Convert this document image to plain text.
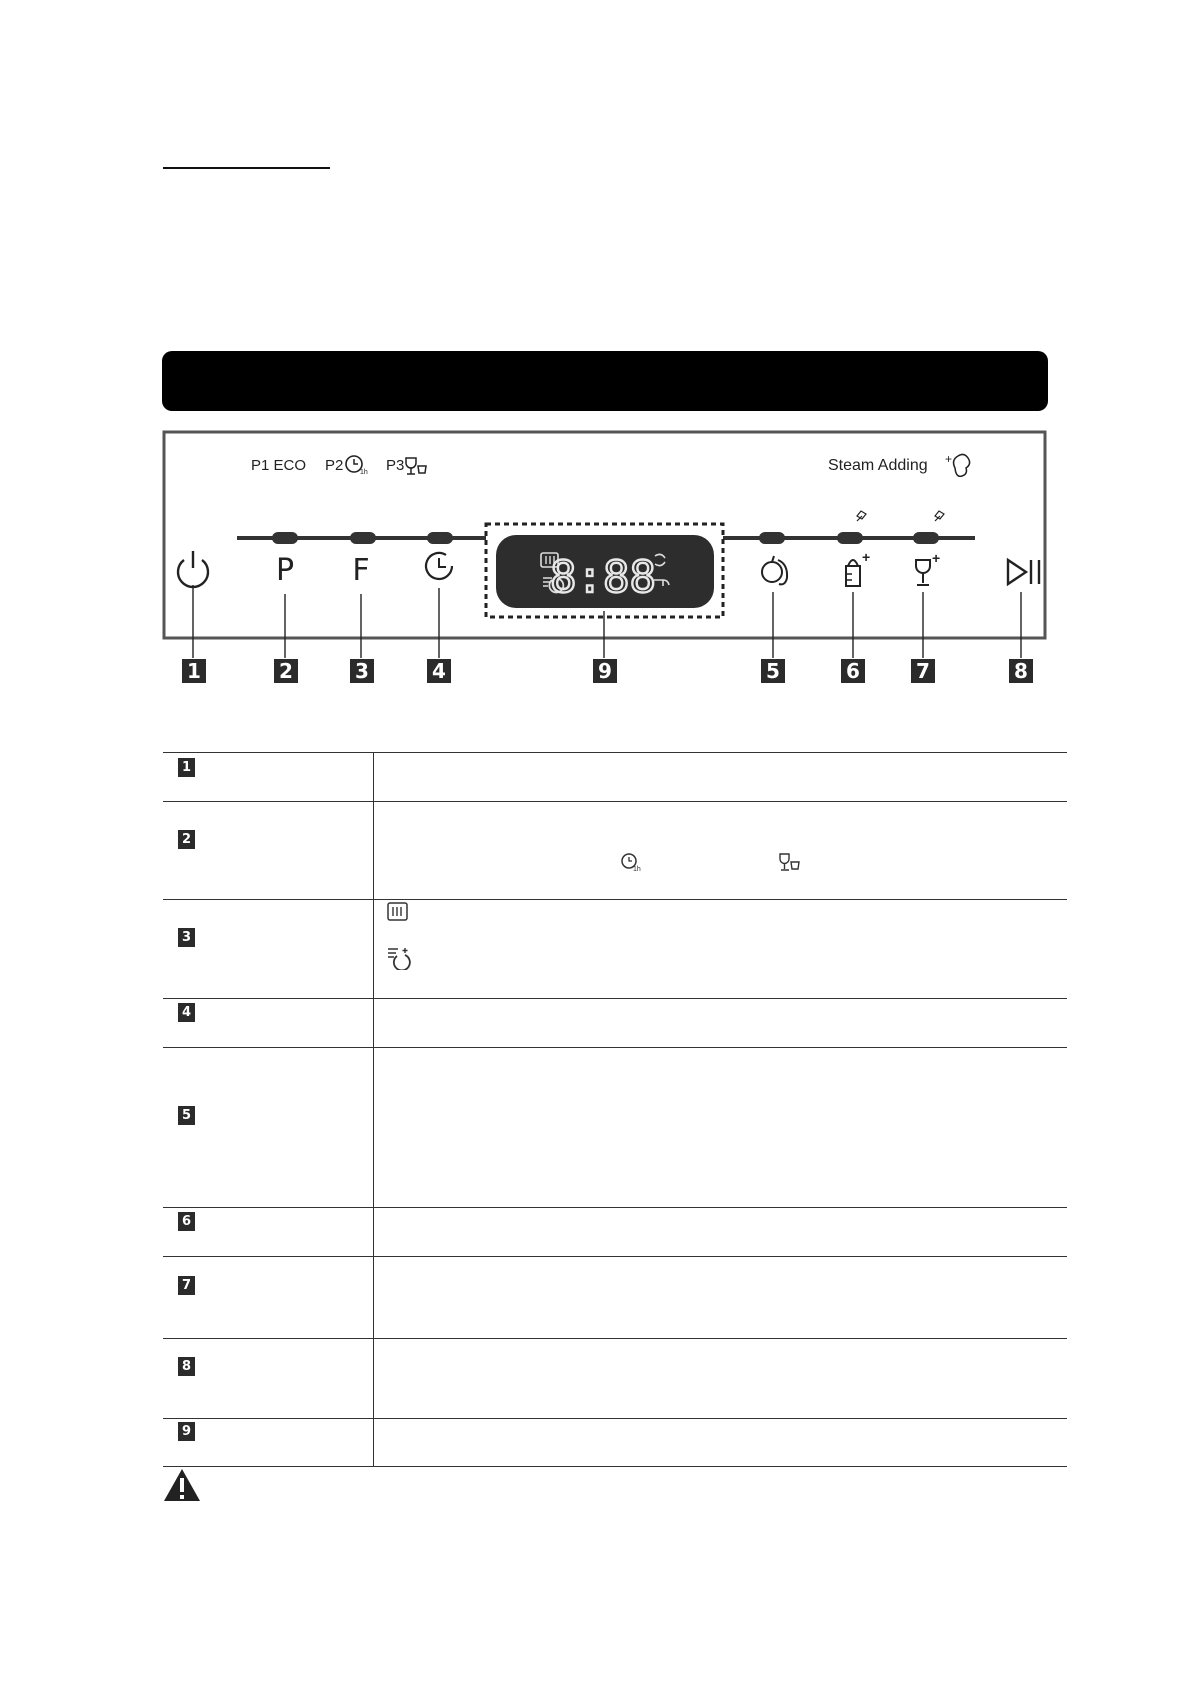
8:88
P1 ECO P2 1h P3	Steam Adding +
P F	+	+
1	2	3	4	9	5	6	7	8
1
2
3
4
5
6
7
8
9
1h
